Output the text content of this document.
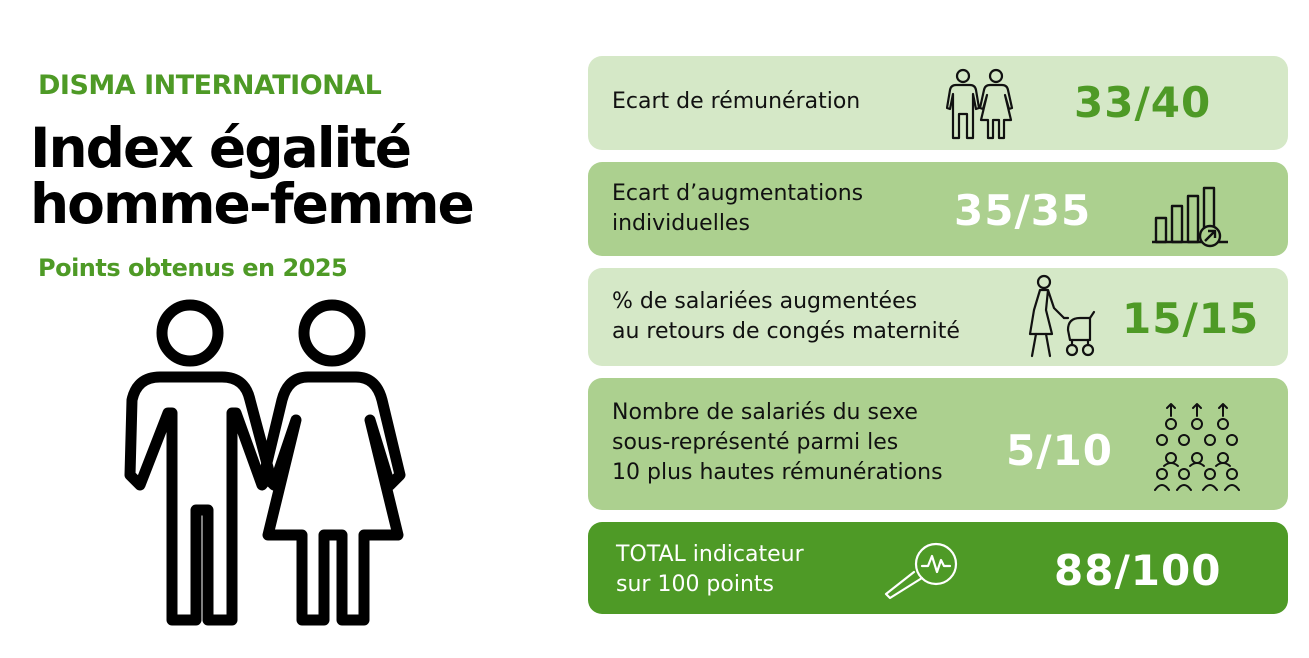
DISMA INTERNATIONAL
Index égalité
homme-femme
Points obtenus en 2025
Ecart de rémunération	33/40
Ecart d’augmentations
individuelles	35/35
% de salariées augmentées
au retours de congés maternité	15/15
Nombre de salariés du sexe
sous-représenté parmi les
10 plus hautes rémunérations 5/10
TOTAL indicateur
sur 100 points	88/100
